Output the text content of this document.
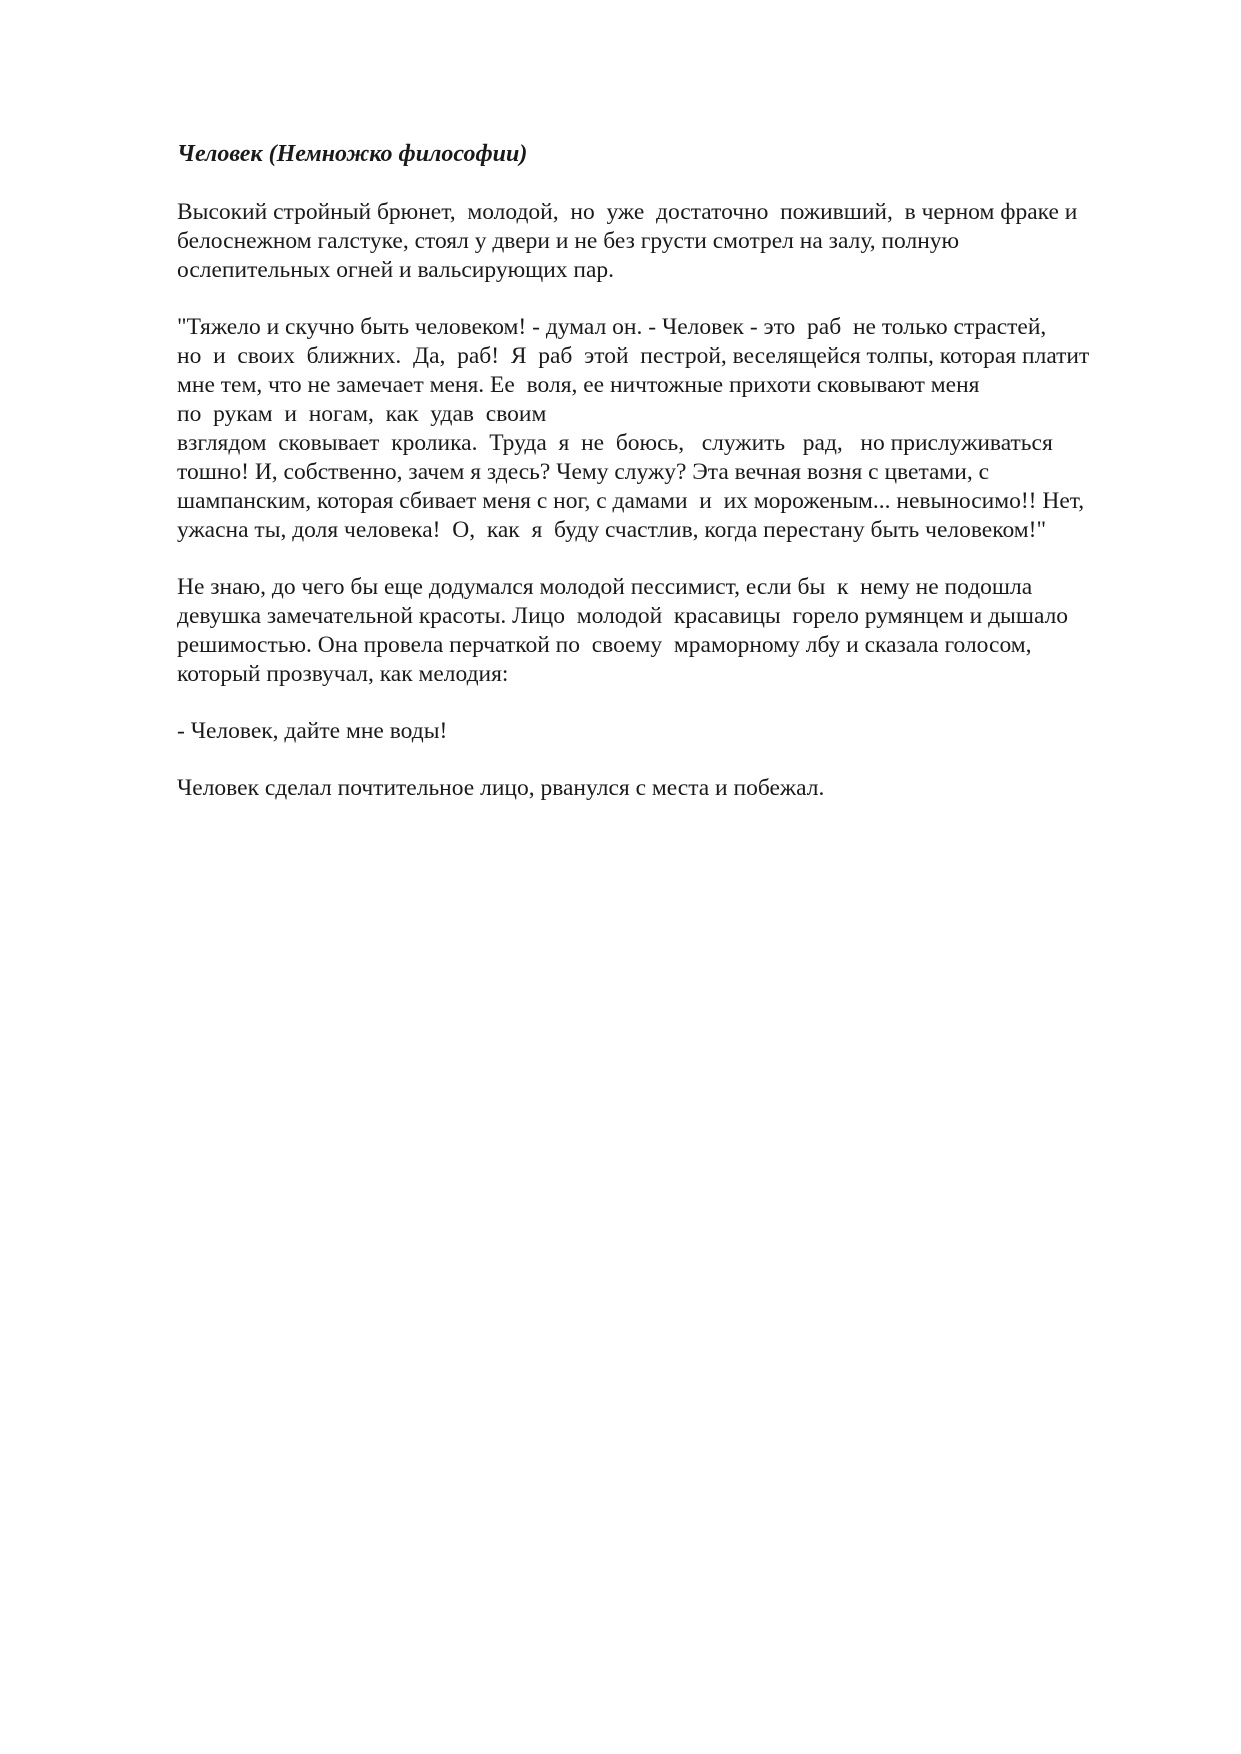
Человек (Немножко философии)
Высокий стройный брюнет,  молодой,  но  уже  достаточно  поживший,  в черном фраке и
белоснежном галстуке, стоял у двери и не без грусти смотрел на залу, полную
ослепительных огней и вальсирующих пар.
"Тяжело и скучно быть человеком! - думал он. - Человек - это  раб  не только страстей,
но  и  своих  ближних.  Да,  раб!  Я  раб  этой  пестрой, веселящейся толпы, которая платит
мне тем, что не замечает меня. Ее  воля, ее ничтожные прихоти сковывают меня
по  рукам  и  ногам,  как  удав  своим
взглядом  сковывает  кролика.  Труда  я  не  боюсь,   служить   рад,   но прислуживаться
тошно! И, собственно, зачем я здесь? Чему служу? Эта вечная возня с цветами, с
шампанским, которая сбивает меня с ног, с дамами  и  их мороженым... невыносимо!! Нет,
ужасна ты, доля человека!  О,  как  я  буду счастлив, когда перестану быть человеком!"
Не знаю, до чего бы еще додумался молодой пессимист, если бы  к  нему не подошла
девушка замечательной красоты. Лицо  молодой  красавицы  горело румянцем и дышало
решимостью. Она провела перчаткой по  своему  мраморному лбу и сказала голосом,
который прозвучал, как мелодия:
- Человек, дайте мне воды!
Человек сделал почтительное лицо, рванулся с места и побежал.
